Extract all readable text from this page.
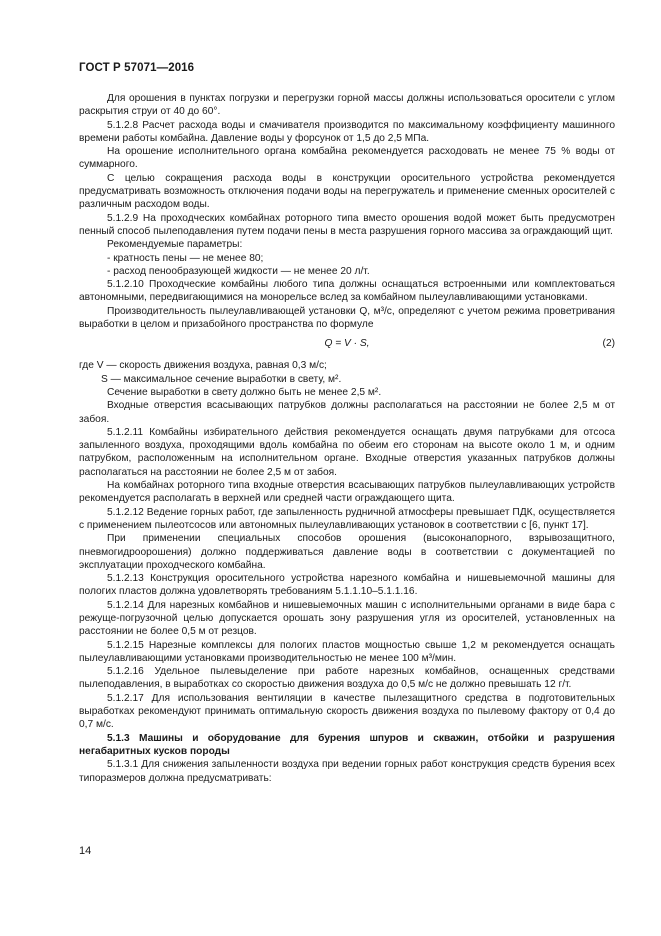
ГОСТ Р 57071—2016

Для орошения в пунктах погрузки и перегрузки горной массы должны использоваться оросители с углом раскрытия струи от 40 до 60°.

5.1.2.8 Расчет расхода воды и смачивателя производится по максимальному коэффициенту машинного времени работы комбайна. Давление воды у форсунок от 1,5 до 2,5 МПа.

На орошение исполнительного органа комбайна рекомендуется расходовать не менее 75 % воды от суммарного.

С целью сокращения расхода воды в конструкции оросительного устройства рекомендуется предусматривать возможность отключения подачи воды на перегружатель и применение сменных оросителей с различным расходом воды.

5.1.2.9 На проходческих комбайнах роторного типа вместо орошения водой может быть предусмотрен пенный способ пылеподавления путем подачи пены в места разрушения горного массива за ограждающий щит.

Рекомендуемые параметры:

- кратность пены — не менее 80;

- расход пенообразующей жидкости — не менее 20 л/т.

5.1.2.10 Проходческие комбайны любого типа должны оснащаться встроенными или комплектоваться автономными, передвигающимися на монорельсе вслед за комбайном пылеулавливающими установками.

Производительность пылеулавливающей установки Q, м³/с, определяют с учетом режима проветривания выработки в целом и призабойного пространства по формуле

Q = V · S,	(2)

где V — скорость движения воздуха, равная 0,3 м/с;

S — максимальное сечение выработки в свету, м².

Сечение выработки в свету должно быть не менее 2,5 м².

Входные отверстия всасывающих патрубков должны располагаться на расстоянии не более 2,5 м от забоя.

5.1.2.11 Комбайны избирательного действия рекомендуется оснащать двумя патрубками для отсоса запыленного воздуха, проходящими вдоль комбайна по обеим его сторонам на высоте около 1 м, и одним патрубком, расположенным на исполнительном органе. Входные отверстия указанных патрубков должны располагаться на расстоянии не более 2,5 м от забоя.

На комбайнах роторного типа входные отверстия всасывающих патрубков пылеулавливающих устройств рекомендуется располагать в верхней или средней части ограждающего щита.

5.1.2.12 Ведение горных работ, где запыленность рудничной атмосферы превышает ПДК, осуществляется с применением пылеотсосов или автономных пылеулавливающих установок в соответствии с [6, пункт 17].

При применении специальных способов орошения (высоконапорного, взрывозащитного, пневмогидроорошения) должно поддерживаться давление воды в соответствии с документацией по эксплуатации проходческого комбайна.

5.1.2.13 Конструкция оросительного устройства нарезного комбайна и нишевыемочной машины для пологих пластов должна удовлетворять требованиям 5.1.1.10–5.1.1.16.

5.1.2.14 Для нарезных комбайнов и нишевыемочных машин с исполнительными органами в виде бара с режуще-погрузочной целью допускается орошать зону разрушения угля из оросителей, установленных на расстоянии не более 0,5 м от резцов.

5.1.2.15 Нарезные комплексы для пологих пластов мощностью свыше 1,2 м рекомендуется оснащать пылеулавливающими установками производительностью не менее 100 м³/мин.

5.1.2.16 Удельное пылевыделение при работе нарезных комбайнов, оснащенных средствами пылеподавления, в выработках со скоростью движения воздуха до 0,5 м/с не должно превышать 12 г/т.

5.1.2.17 Для использования вентиляции в качестве пылезащитного средства в подготовительных выработках рекомендуют принимать оптимальную скорость движения воздуха по пылевому фактору от 0,4 до 0,7 м/с.

5.1.3 Машины и оборудование для бурения шпуров и скважин, отбойки и разрушения негабаритных кусков породы

5.1.3.1 Для снижения запыленности воздуха при ведении горных работ конструкция средств бурения всех типоразмеров должна предусматривать:

14
